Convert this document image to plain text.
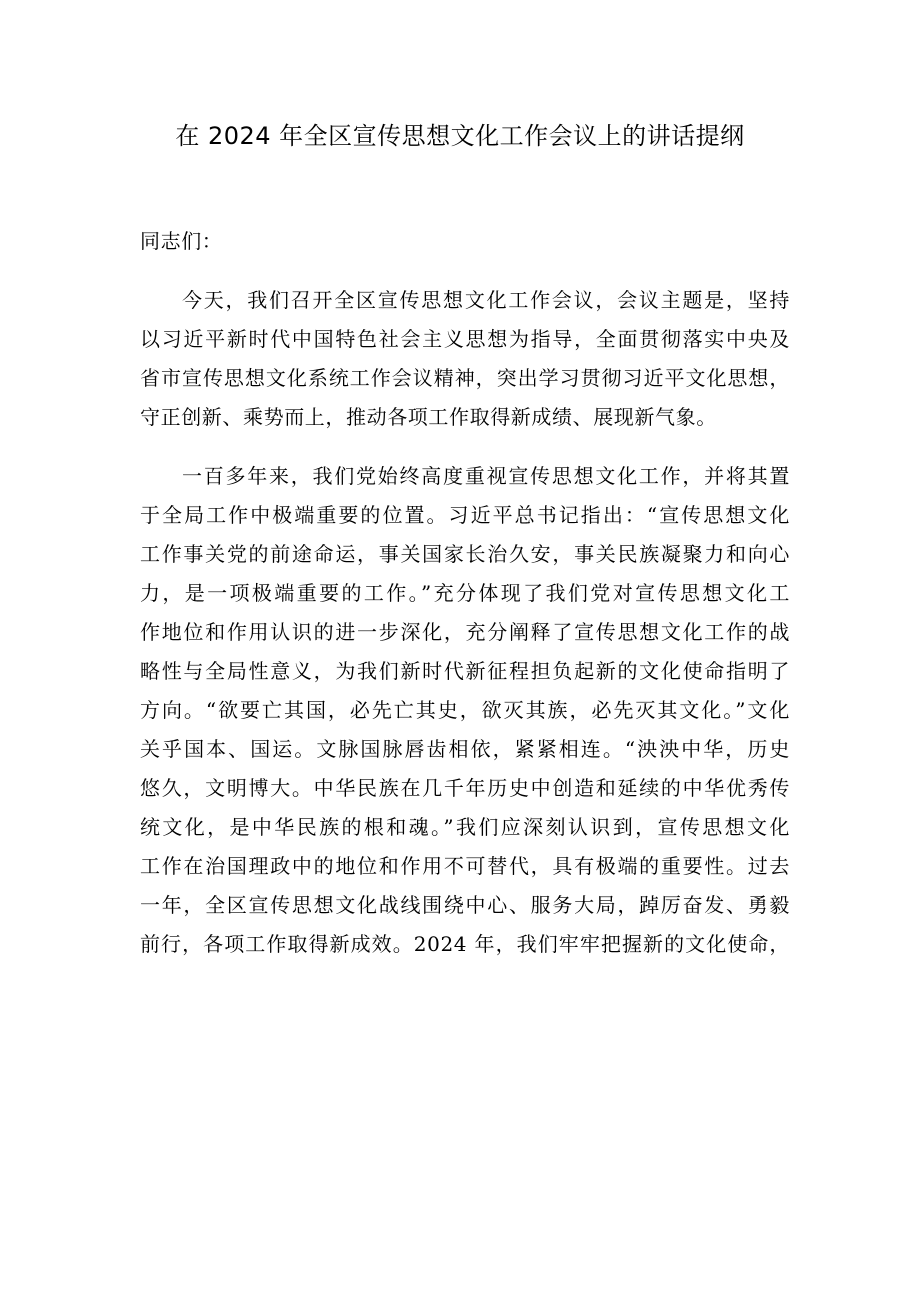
在 2024 年全区宣传思想文化工作会议上的讲话提纲
同志们：
今天，我们召开全区宣传思想文化工作会议，会议主题是，坚持
以习近平新时代中国特色社会主义思想为指导，全面贯彻落实中央及
省市宣传思想文化系统工作会议精神，突出学习贯彻习近平文化思想，
守正创新、乘势而上，推动各项工作取得新成绩、展现新气象。
一百多年来，我们党始终高度重视宣传思想文化工作，并将其置
于全局工作中极端重要的位置。习近平总书记指出：“宣传思想文化
工作事关党的前途命运，事关国家长治久安，事关民族凝聚力和向心
力，是一项极端重要的工作。”充分体现了我们党对宣传思想文化工
作地位和作用认识的进一步深化，充分阐释了宣传思想文化工作的战
略性与全局性意义，为我们新时代新征程担负起新的文化使命指明了
方向。“欲要亡其国，必先亡其史，欲灭其族，必先灭其文化。”文化
关乎国本、国运。文脉国脉唇齿相依，紧紧相连。“泱泱中华，历史
悠久，文明博大。中华民族在几千年历史中创造和延续的中华优秀传
统文化，是中华民族的根和魂。”我们应深刻认识到，宣传思想文化
工作在治国理政中的地位和作用不可替代，具有极端的重要性。过去
一年，全区宣传思想文化战线围绕中心、服务大局，踔厉奋发、勇毅
前行，各项工作取得新成效。2024 年，我们牢牢把握新的文化使命，
